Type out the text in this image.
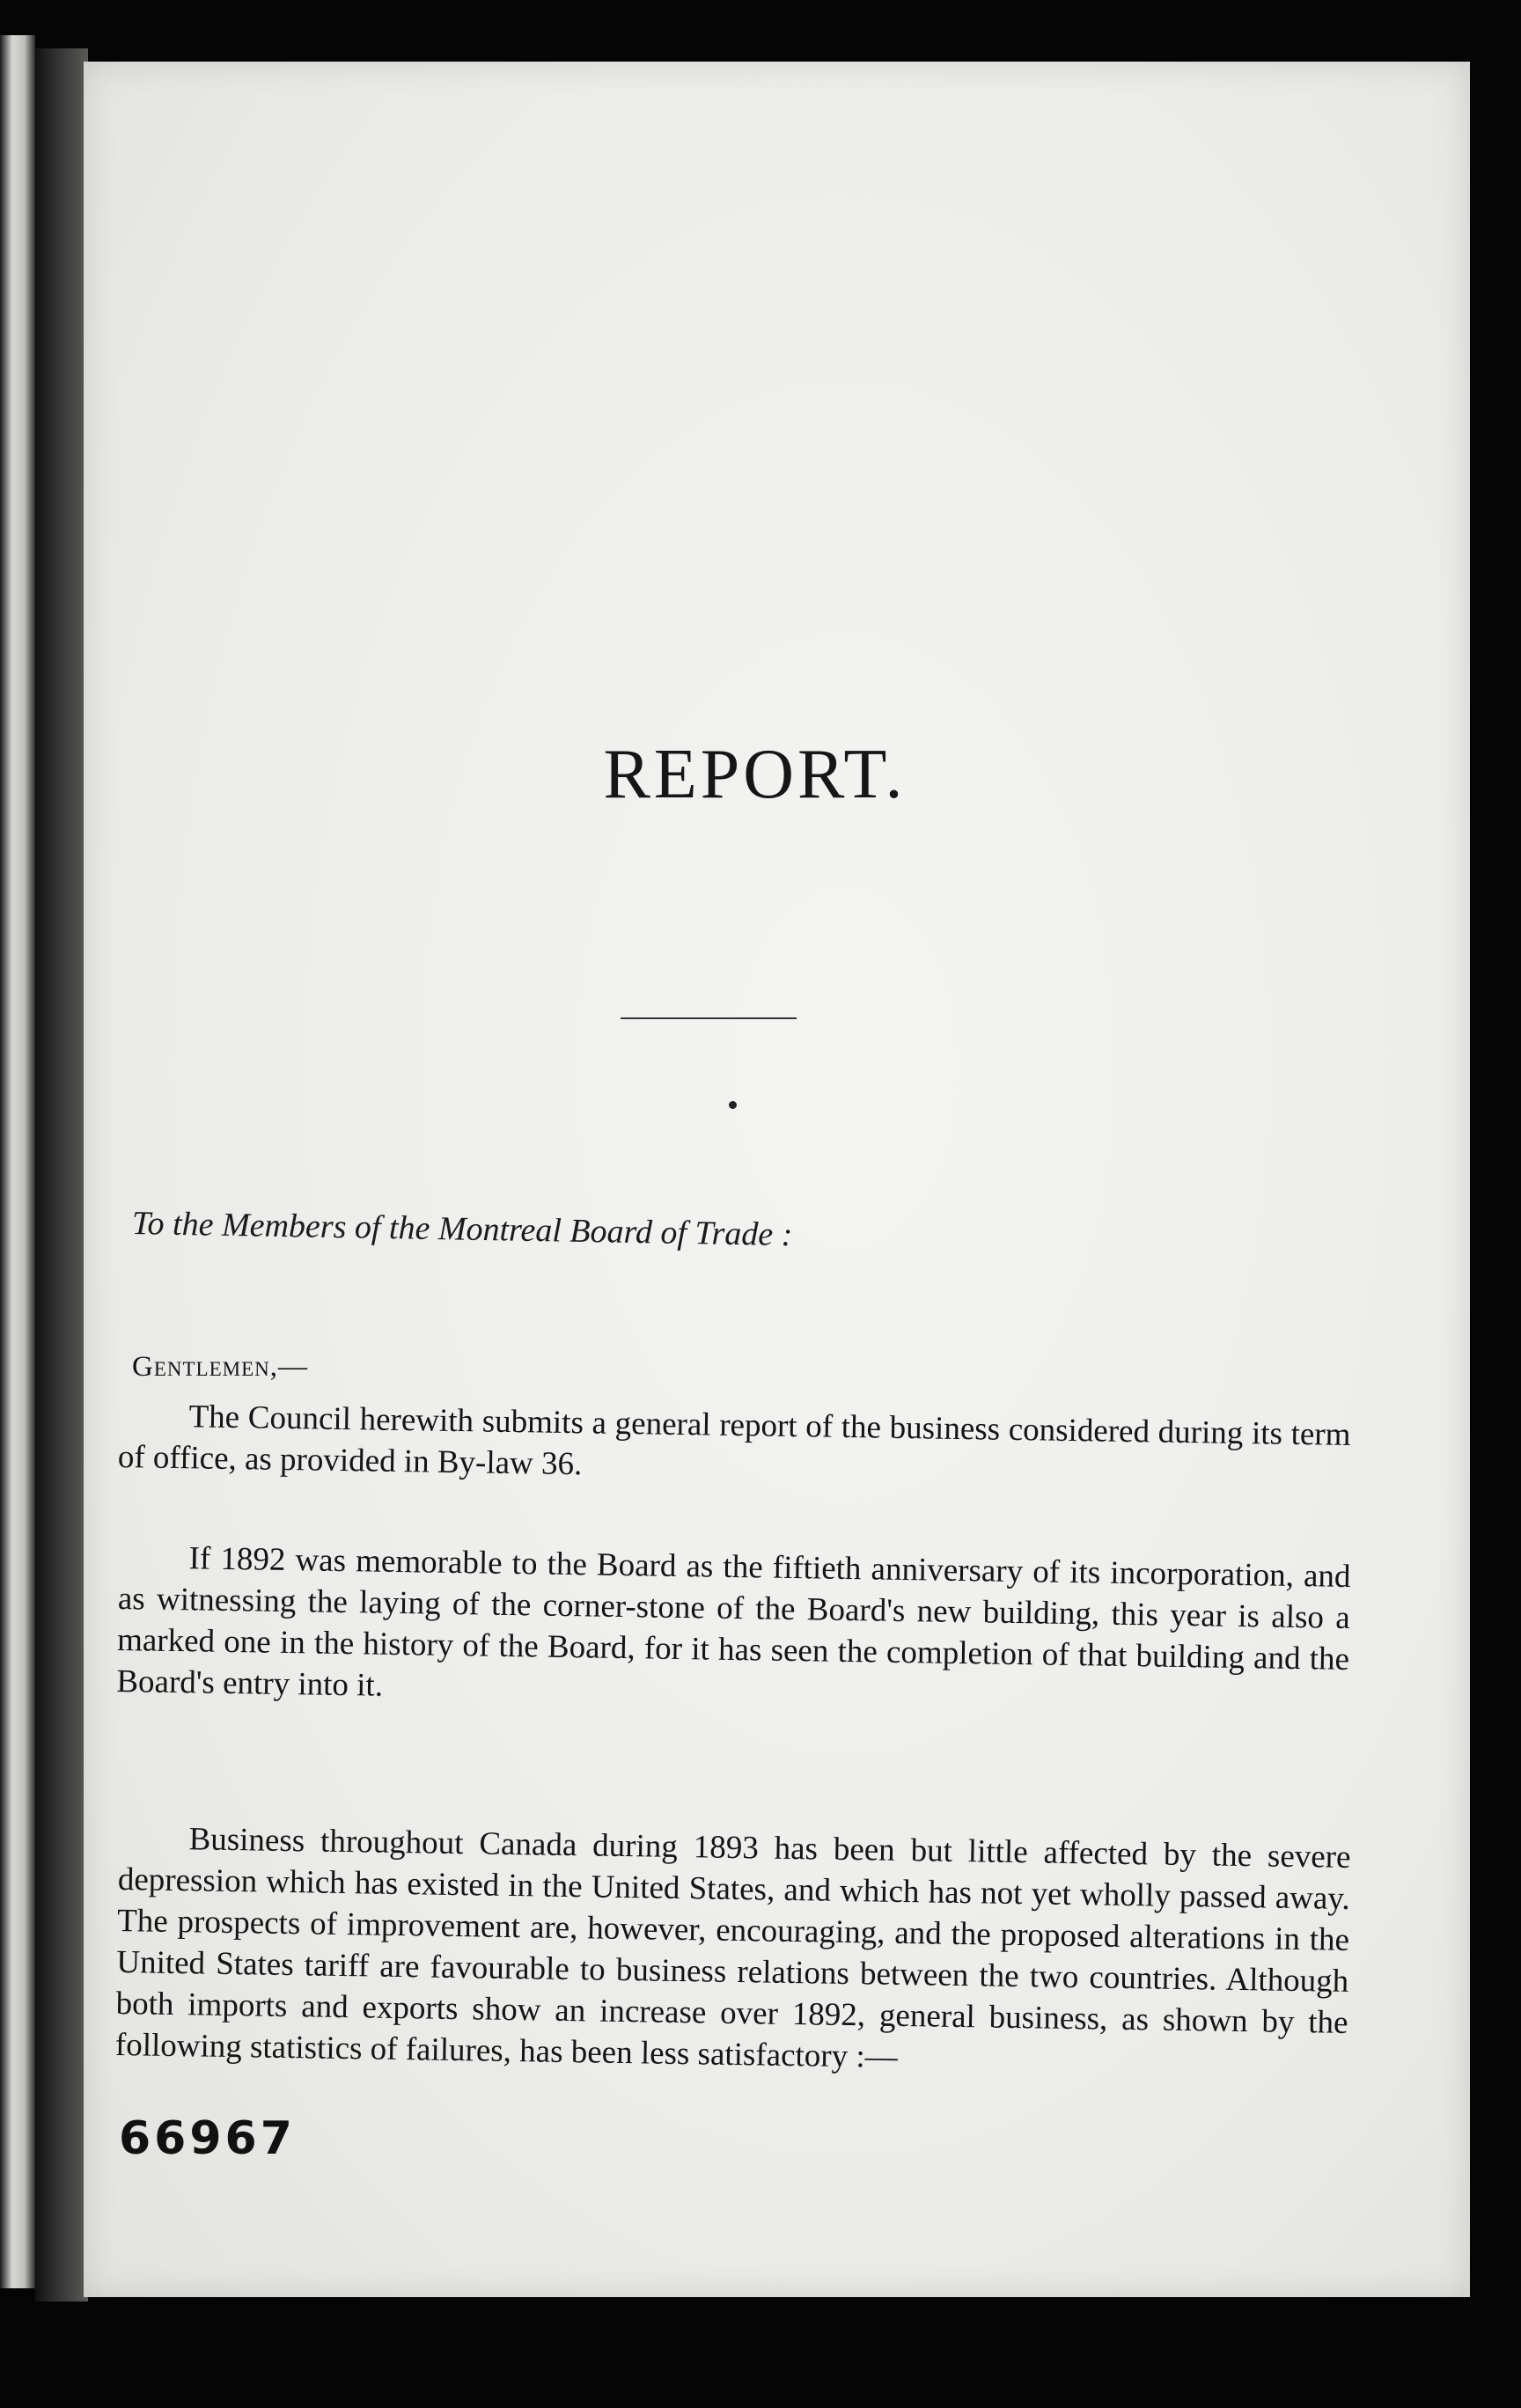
REPORT.
To the Members of the Montreal Board of Trade :
Gentlemen,—

The Council herewith submits a general report of the business considered during its term of office, as provided in By-law 36.

If 1892 was memorable to the Board as the fiftieth anniversary of its incorporation, and as witnessing the laying of the corner-stone of the Board's new building, this year is also a marked one in the history of the Board, for it has seen the completion of that building and the Board's entry into it.

Business throughout Canada during 1893 has been but little affected by the severe depression which has existed in the United States, and which has not yet wholly passed away. The prospects of improvement are, however, encouraging, and the proposed alterations in the United States tariff are favourable to business relations between the two countries. Although both imports and exports show an increase over 1892, general business, as shown by the following statistics of failures, has been less satisfactory :—

66967
